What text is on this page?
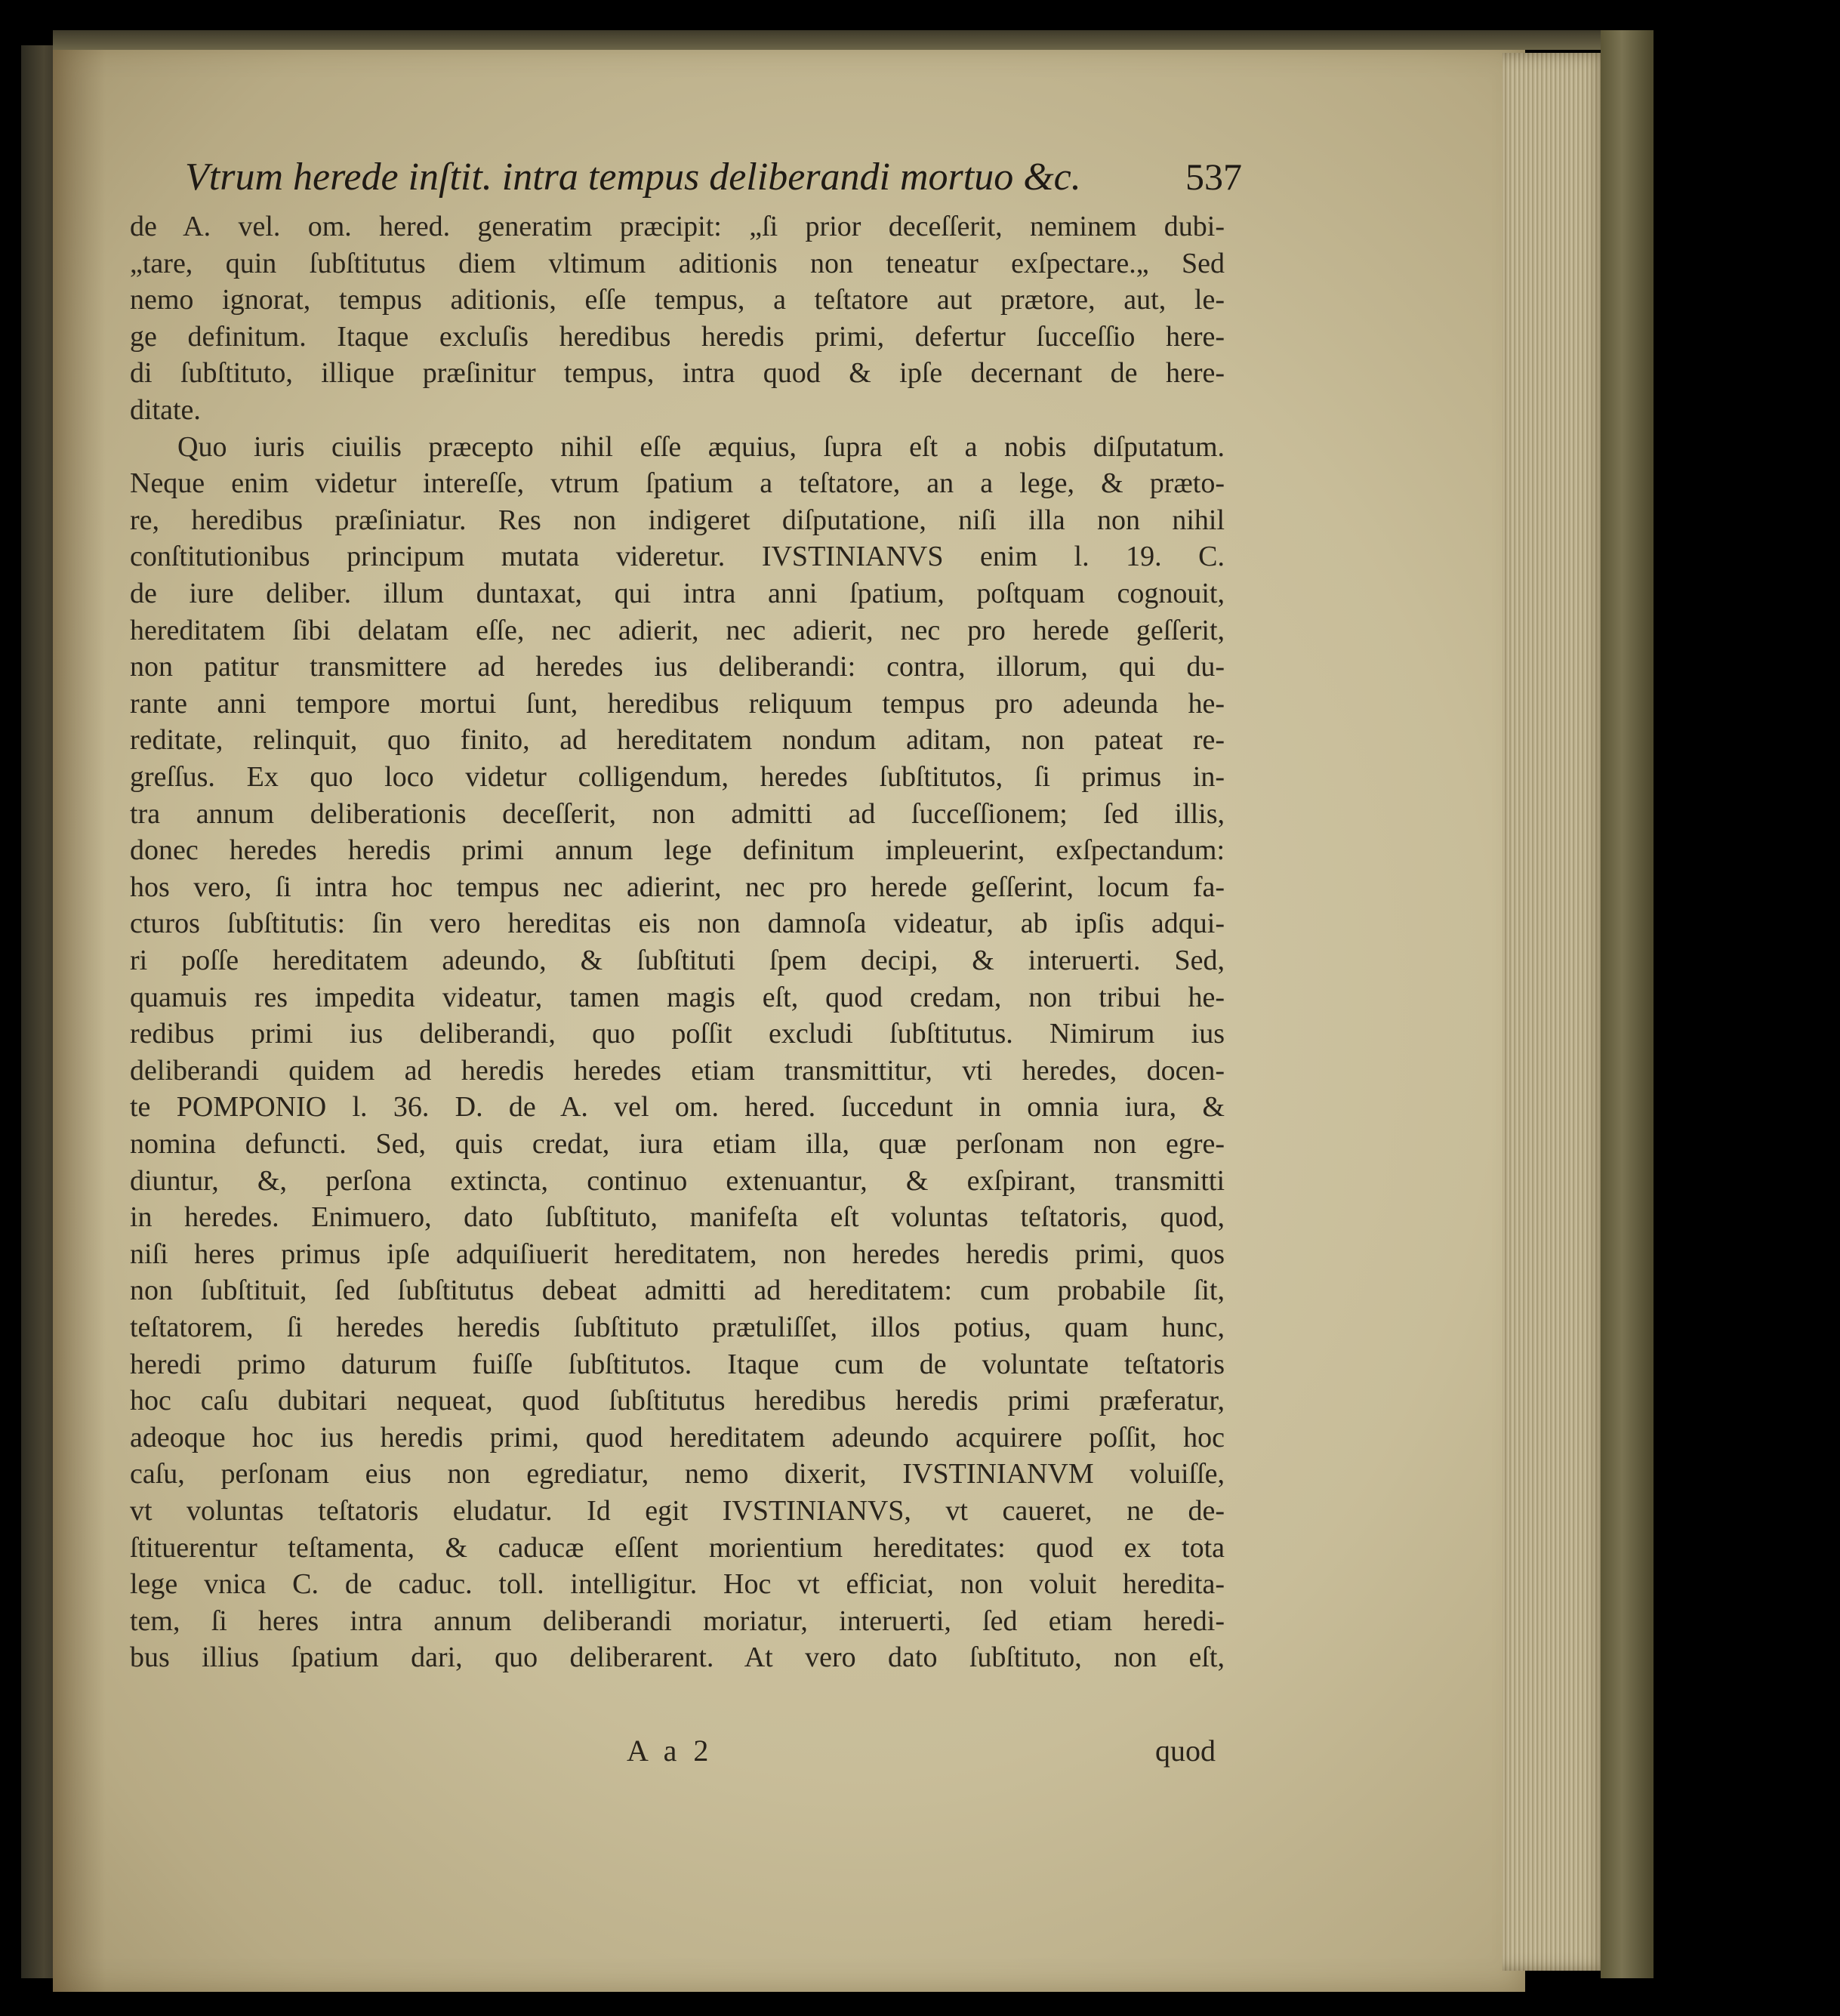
Vtrum herede inſtit. intra tempus deliberandi mortuo &c.	537
de A. vel. om. hered. generatim præcipit: „ſi prior deceſſerit, neminem dubi-
„tare, quin ſubſtitutus diem vltimum aditionis non teneatur exſpectare.„ Sed
nemo ignorat, tempus aditionis, eſſe tempus, a teſtatore aut prætore, aut, le-
ge definitum. Itaque excluſis heredibus heredis primi, defertur ſucceſſio here-
di ſubſtituto, illique præſinitur tempus, intra quod & ipſe decernant de here-
ditate.
Quo iuris ciuilis præcepto nihil eſſe æquius, ſupra eſt a nobis diſputatum.
Neque enim videtur intereſſe, vtrum ſpatium a teſtatore, an a lege, & præto-
re, heredibus præſiniatur. Res non indigeret diſputatione, niſi illa non nihil
conſtitutionibus principum mutata videretur. IVSTINIANVS enim l. 19. C.
de iure deliber. illum duntaxat, qui intra anni ſpatium, poſtquam cognouit,
hereditatem ſibi delatam eſſe, nec adierit, nec adierit, nec pro herede geſſerit,
non patitur transmittere ad heredes ius deliberandi: contra, illorum, qui du-
rante anni tempore mortui ſunt, heredibus reliquum tempus pro adeunda he-
reditate, relinquit, quo finito, ad hereditatem nondum aditam, non pateat re-
greſſus. Ex quo loco videtur colligendum, heredes ſubſtitutos, ſi primus in-
tra annum deliberationis deceſſerit, non admitti ad ſucceſſionem; ſed illis,
donec heredes heredis primi annum lege definitum impleuerint, exſpectandum:
hos vero, ſi intra hoc tempus nec adierint, nec pro herede geſſerint, locum fa-
cturos ſubſtitutis: ſin vero hereditas eis non damnoſa videatur, ab ipſis adqui-
ri poſſe hereditatem adeundo, & ſubſtituti ſpem decipi, & interuerti. Sed,
quamuis res impedita videatur, tamen magis eſt, quod credam, non tribui he-
redibus primi ius deliberandi, quo poſſit excludi ſubſtitutus. Nimirum ius
deliberandi quidem ad heredis heredes etiam transmittitur, vti heredes, docen-
te POMPONIO l. 36. D. de A. vel om. hered. ſuccedunt in omnia iura, &
nomina defuncti. Sed, quis credat, iura etiam illa, quæ perſonam non egre-
diuntur, &, perſona extincta, continuo extenuantur, & exſpirant, transmitti
in heredes. Enimuero, dato ſubſtituto, manifeſta eſt voluntas teſtatoris, quod,
niſi heres primus ipſe adquiſiuerit hereditatem, non heredes heredis primi, quos
non ſubſtituit, ſed ſubſtitutus debeat admitti ad hereditatem: cum probabile ſit,
teſtatorem, ſi heredes heredis ſubſtituto prætuliſſet, illos potius, quam hunc,
heredi primo daturum fuiſſe ſubſtitutos. Itaque cum de voluntate teſtatoris
hoc caſu dubitari nequeat, quod ſubſtitutus heredibus heredis primi præferatur,
adeoque hoc ius heredis primi, quod hereditatem adeundo acquirere poſſit, hoc
caſu, perſonam eius non egrediatur, nemo dixerit, IVSTINIANVM voluiſſe,
vt voluntas teſtatoris eludatur. Id egit IVSTINIANVS, vt caueret, ne de-
ſtituerentur teſtamenta, & caducæ eſſent morientium hereditates: quod ex tota
lege vnica C. de caduc. toll. intelligitur. Hoc vt efficiat, non voluit heredita-
tem, ſi heres intra annum deliberandi moriatur, interuerti, ſed etiam heredi-
bus illius ſpatium dari, quo deliberarent. At vero dato ſubſtituto, non eſt,
A a 2	quod
